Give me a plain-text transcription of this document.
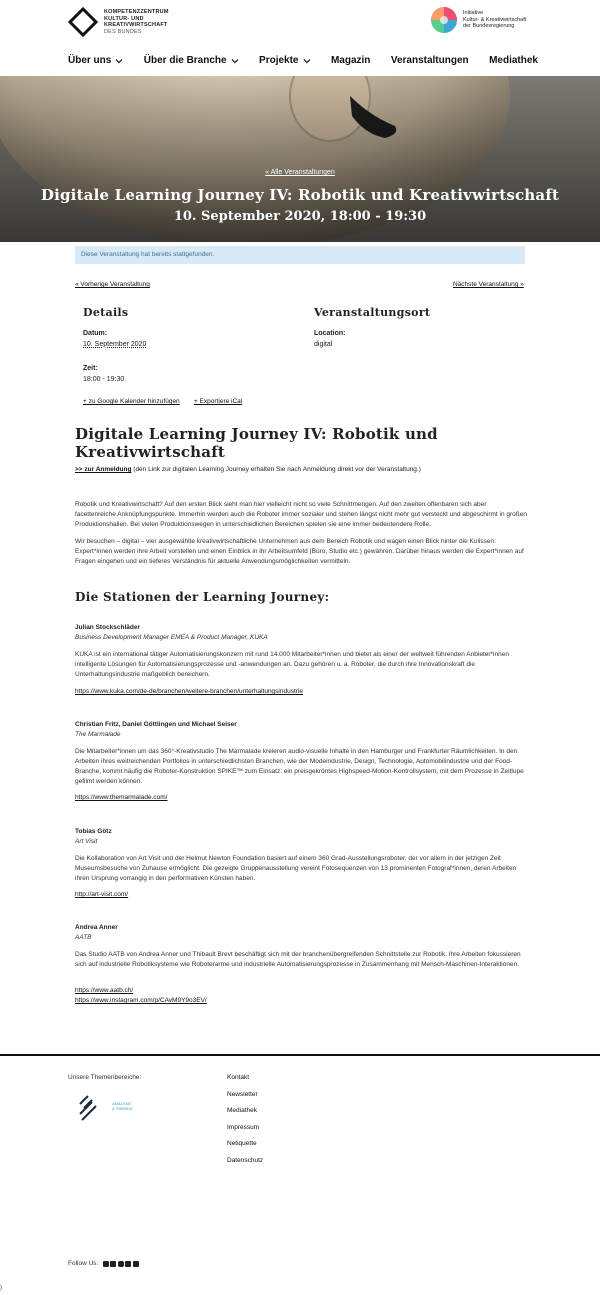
KOMPETENZZENTRUM
KULTUR- UND
KREATIVWIRTSCHAFT
DES BUNDES
Initiative
Kultur- & Kreativwirtschaft
der Bundesregierung
Über uns	Über die Branche	Projekte	Magazin Veranstaltungen Mediathek
« Alle Veranstaltungen
Digitale Learning Journey IV: Robotik und Kreativwirtschaft
10. September 2020, 18:00 - 19:30
Diese Veranstaltung hat bereits stattgefunden.
« Vorherige Veranstaltung	Nächste Veranstaltung »
Details
Datum:
10. September 2020
Zeit:
18:00 - 19:30
Veranstaltungsort
Location:
digital
+ zu Google Kalender hinzufügen + Exportiere iCal
Digitale Learning Journey IV: Robotik und
Kreativwirtschaft
>> zur Anmeldung (den Link zur digitalen Learning Journey erhalten Sie nach Anmeldung direkt vor der Veranstaltung.)
Robotik und Kreativwirtschaft? Auf den ersten Blick sieht man hier vielleicht nicht so viele Schnittmengen. Auf den zweiten offenbaren sich aber facettenreiche Anknüpfungspunkte. Immerhin werden auch die Roboter immer sozialer und stehen längst nicht mehr gut versteckt und abgeschirmt in großen Produktionshallen. Bei vielen Produktionswegen in unterschiedlichen Bereichen spielen sie eine immer bedeutendere Rolle.
Wir besuchen – digital – vier ausgewählte kreativwirtschaftliche Unternehmen aus dem Bereich Robotik und wagen einen Blick hinter die Kulissen: Expert*innen werden ihre Arbeit vorstellen und einen Einblick in ihr Arbeitsumfeld (Büro, Studio etc.) gewähren. Darüber hinaus werden die Expert*innen auf Fragen eingehen und ein tieferes Verständnis für aktuelle Anwendungsmöglichkeiten vermitteln.
Die Stationen der Learning Journey:
Julian Stockschläder
Business Development Manager EMEA & Product Manager, KUKA
KUKA ist ein international tätiger Automatisierungskonzern mit rund 14.000 Mitarbeiter*innen und bietet als einer der weltweit führenden Anbieter*innen intelligente Lösungen für Automatisierungsprozesse und -anwendungen an. Dazu gehören u. a. Roboter, die durch ihre Innovationskraft die Unterhaltungsindustrie maßgeblich bereichern.
https://www.kuka.com/de-de/branchen/weitere-branchen/unterhaltungsindustrie
Christian Fritz, Daniel Göttlingen und Michael Seiser
The Marmalade
Die Mitarbeiter*innen um das 360°-Kreativstudio The Marmalade kreieren audio-visuelle Inhalte in den Hamburger und Frankfurter Räumlichkeiten. In den Arbeiten ihres weitreichenden Portfolios in unterschiedlichsten Branchen, wie der Modeindustrie, Design, Technologie, Automobilindustrie und der Food-Branche, kommt häufig die Roboter-Konstruktion SPIKE™ zum Einsatz: ein preisgekröntes Highspeed-Motion-Kontrollsystem, mit dem Prozesse in Zeitlupe gefilmt werden können.
https://www.themarmalade.com/
Tobias Götz
Art Visit
Die Kollaboration von Art Visit und der Helmut Newton Foundation basiert auf einem 360 Grad-Ausstellungsroboter, der vor allem in der jetzigen Zeit Museumsbesuche von Zuhause ermöglicht. Die gezeigte Gruppenausstellung vereint Fotosequenzen von 13 prominenten Fotograf*innen, deren Arbeiten ihren Ursprung vorrangig in den performativen Künsten haben.
http://art-visit.com/
Andrea Anner
AATB
Das Studio AATB von Andrea Anner und Thibault Brevt beschäftigt sich mit der branchenübergreifenden Schnittstelle zur Robotik. Ihre Arbeiten fokussieren sich auf industrielle Robotiksysteme wie Roboterarme und industrielle Automatisierungsprozesse in Zusammenhang mit Mensch-Maschinen-Interaktionen.
https://www.aatb.ch/
https://www.instagram.com/p/CAvM9Y9o3EV/
Unsere Themenbereiche:
ANALYSE
& TRENDS
Kontakt
Newsletter
Mediathek
Impressum
Netiquette
Datenschutz
Follow Us:
)
